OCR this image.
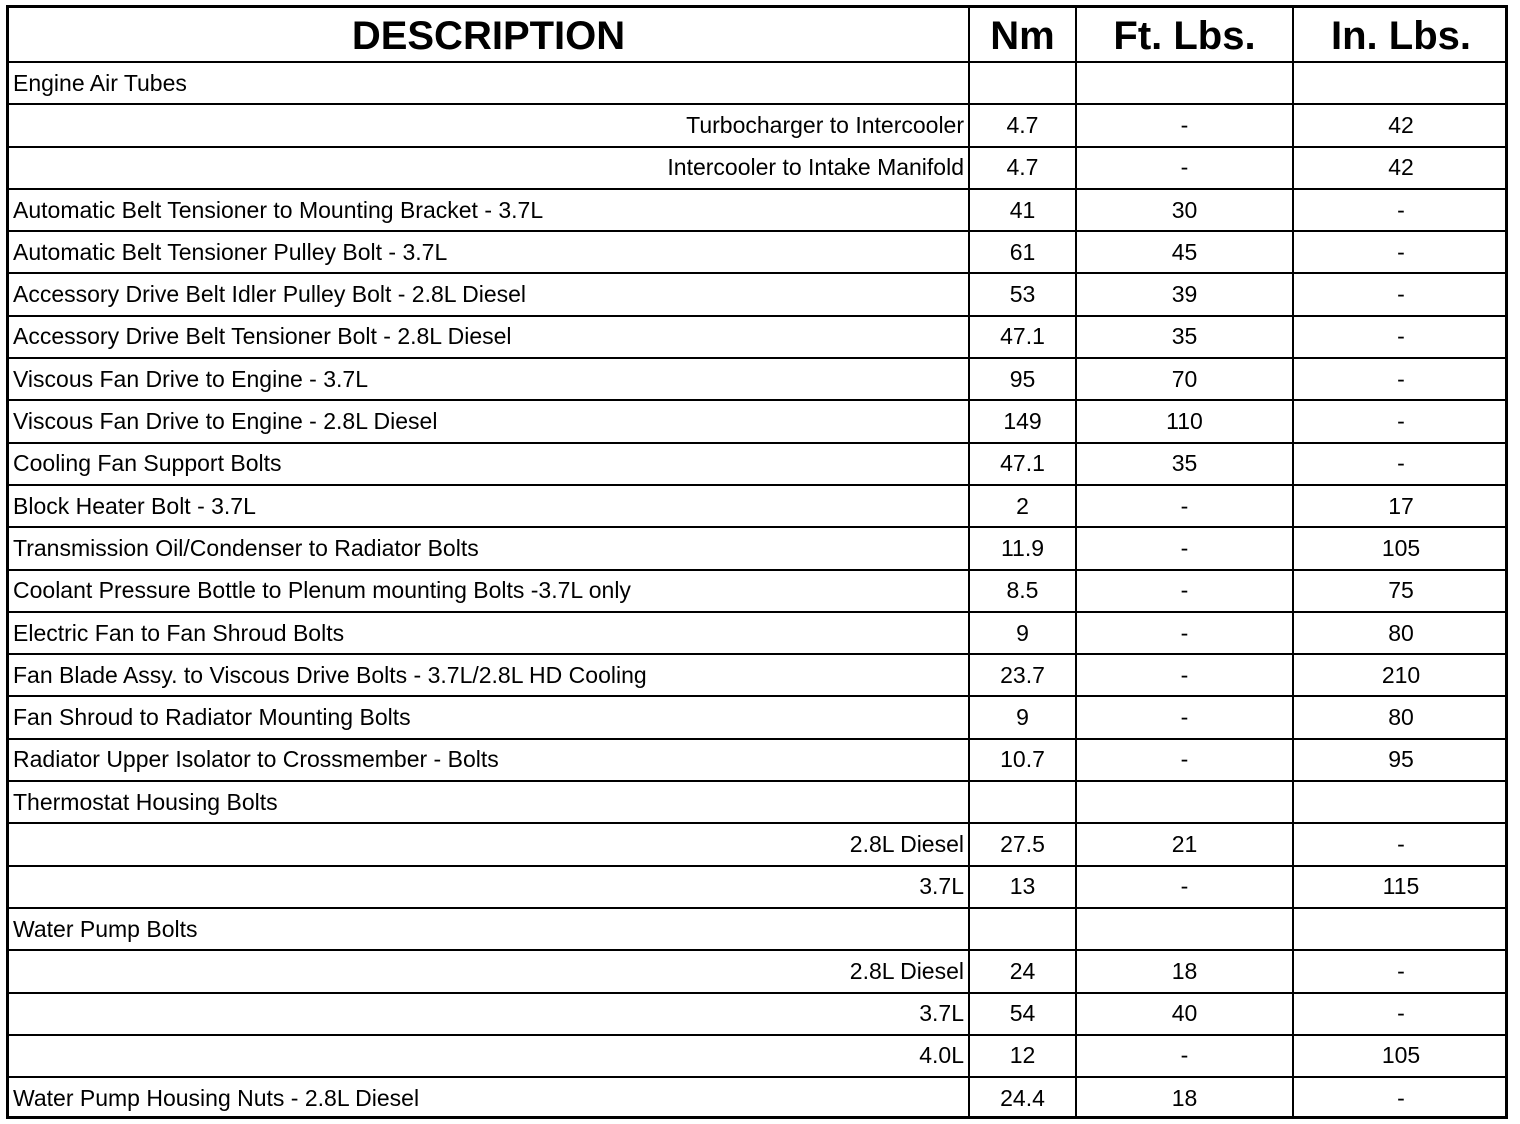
DESCRIPTION	Nm	Ft. Lbs.	In. Lbs.
Engine Air Tubes			
Turbocharger to Intercooler	4.7	-	42
Intercooler to Intake Manifold	4.7	-	42
Automatic Belt Tensioner to Mounting Bracket - 3.7L	41	30	-
Automatic Belt Tensioner Pulley Bolt - 3.7L	61	45	-
Accessory Drive Belt Idler Pulley Bolt - 2.8L Diesel	53	39	-
Accessory Drive Belt Tensioner Bolt - 2.8L Diesel	47.1	35	-
Viscous Fan Drive to Engine - 3.7L	95	70	-
Viscous Fan Drive to Engine - 2.8L Diesel	149	110	-
Cooling Fan Support Bolts	47.1	35	-
Block Heater Bolt - 3.7L	2	-	17
Transmission Oil/Condenser to Radiator Bolts	11.9	-	105
Coolant Pressure Bottle to Plenum mounting Bolts -3.7L only	8.5	-	75
Electric Fan to Fan Shroud Bolts	9	-	80
Fan Blade Assy. to Viscous Drive Bolts - 3.7L/2.8L HD Cooling	23.7	-	210
Fan Shroud to Radiator Mounting Bolts	9	-	80
Radiator Upper Isolator to Crossmember - Bolts	10.7	-	95
Thermostat Housing Bolts			
2.8L Diesel	27.5	21	-
3.7L	13	-	115
Water Pump Bolts			
2.8L Diesel	24	18	-
3.7L	54	40	-
4.0L	12	-	105
Water Pump Housing Nuts - 2.8L Diesel	24.4	18	-
